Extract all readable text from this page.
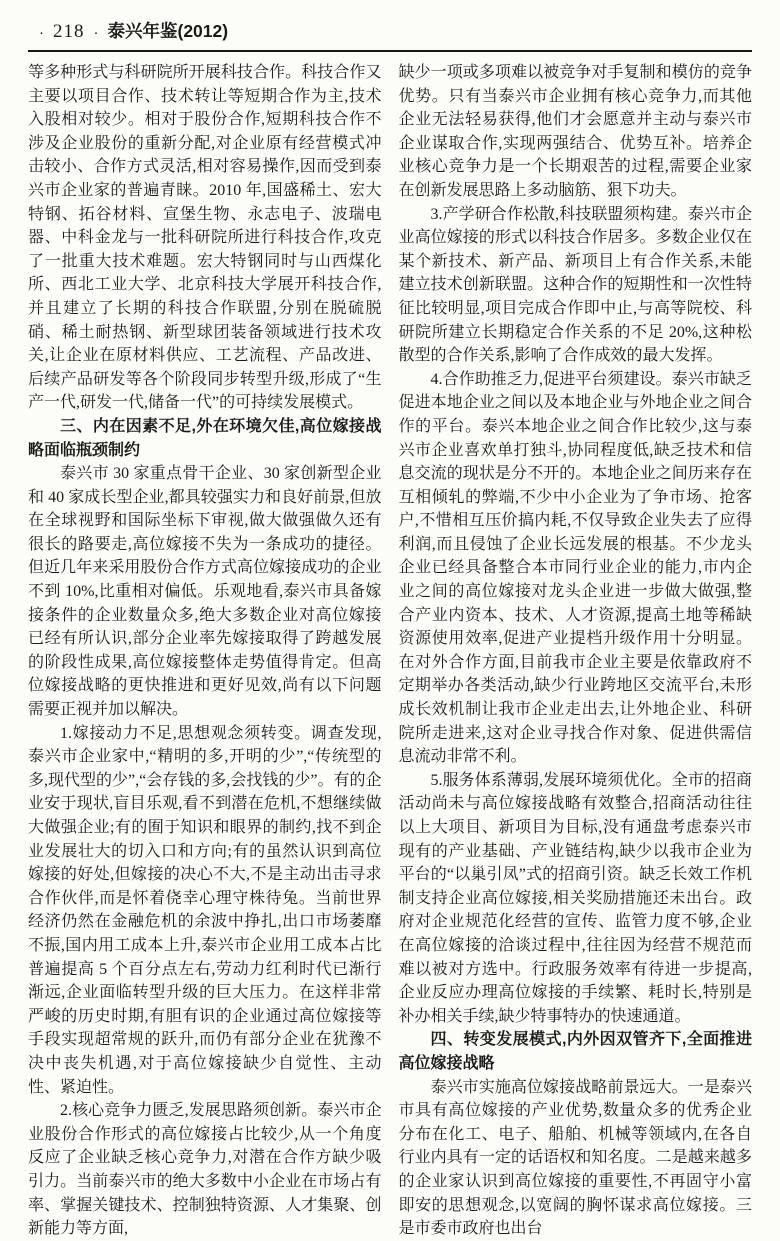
· 218 · 泰兴年鉴(2012)

等多种形式与科研院所开展科技合作。科技合作又主要以项目合作、技术转让等短期合作为主,技术入股相对较少。相对于股份合作,短期科技合作不涉及企业股份的重新分配,对企业原有经营模式冲击较小、合作方式灵活,相对容易操作,因而受到泰兴市企业家的普遍青睐。2010 年,国盛稀土、宏大特钢、拓谷材料、宣堡生物、永志电子、波瑞电器、中科金龙与一批科研院所进行科技合作,攻克了一批重大技术难题。宏大特钢同时与山西煤化所、西北工业大学、北京科技大学展开科技合作,并且建立了长期的科技合作联盟,分别在脱硫脱硝、稀土耐热钢、新型球团装备领域进行技术攻关,让企业在原材料供应、工艺流程、产品改进、后续产品研发等各个阶段同步转型升级,形成了“生产一代,研发一代,储备一代”的可持续发展模式。

三、内在因素不足,外在环境欠佳,高位嫁接战略面临瓶颈制约

泰兴市 30 家重点骨干企业、30 家创新型企业和 40 家成长型企业,都具较强实力和良好前景,但放在全球视野和国际坐标下审视,做大做强做久还有很长的路要走,高位嫁接不失为一条成功的捷径。但近几年来采用股份合作方式高位嫁接成功的企业不到 10%,比重相对偏低。乐观地看,泰兴市具备嫁接条件的企业数量众多,绝大多数企业对高位嫁接已经有所认识,部分企业率先嫁接取得了跨越发展的阶段性成果,高位嫁接整体走势值得肯定。但高位嫁接战略的更快推进和更好见效,尚有以下问题需要正视并加以解决。

1.嫁接动力不足,思想观念须转变。调查发现,泰兴市企业家中,“精明的多,开明的少”,“传统型的多,现代型的少”,“会存钱的多,会找钱的少”。有的企业安于现状,盲目乐观,看不到潜在危机,不想继续做大做强企业;有的囿于知识和眼界的制约,找不到企业发展壮大的切入口和方向;有的虽然认识到高位嫁接的好处,但嫁接的决心不大,不是主动出击寻求合作伙伴,而是怀着侥幸心理守株待兔。当前世界经济仍然在金融危机的余波中挣扎,出口市场萎靡不振,国内用工成本上升,泰兴市企业用工成本占比普遍提高 5 个百分点左右,劳动力红利时代已渐行渐远,企业面临转型升级的巨大压力。在这样非常严峻的历史时期,有胆有识的企业通过高位嫁接等手段实现超常规的跃升,而仍有部分企业在犹豫不决中丧失机遇,对于高位嫁接缺少自觉性、主动性、紧迫性。

2.核心竞争力匮乏,发展思路须创新。泰兴市企业股份合作形式的高位嫁接占比较少,从一个角度反应了企业缺乏核心竞争力,对潜在合作方缺少吸引力。当前泰兴市的绝大多数中小企业在市场占有率、掌握关键技术、控制独特资源、人才集聚、创新能力等方面,

缺少一项或多项难以被竞争对手复制和模仿的竞争优势。只有当泰兴市企业拥有核心竞争力,而其他企业无法轻易获得,他们才会愿意并主动与泰兴市企业谋取合作,实现两强结合、优势互补。培养企业核心竞争力是一个长期艰苦的过程,需要企业家在创新发展思路上多动脑筋、狠下功夫。

3.产学研合作松散,科技联盟须构建。泰兴市企业高位嫁接的形式以科技合作居多。多数企业仅在某个新技术、新产品、新项目上有合作关系,未能建立技术创新联盟。这种合作的短期性和一次性特征比较明显,项目完成合作即中止,与高等院校、科研院所建立长期稳定合作关系的不足 20%,这种松散型的合作关系,影响了合作成效的最大发挥。

4.合作助推乏力,促进平台须建设。泰兴市缺乏促进本地企业之间以及本地企业与外地企业之间合作的平台。泰兴本地企业之间合作比较少,这与泰兴市企业喜欢单打独斗,协同程度低,缺乏技术和信息交流的现状是分不开的。本地企业之间历来存在互相倾轧的弊端,不少中小企业为了争市场、抢客户,不惜相互压价搞内耗,不仅导致企业失去了应得利润,而且侵蚀了企业长远发展的根基。不少龙头企业已经具备整合本市同行业企业的能力,市内企业之间的高位嫁接对龙头企业进一步做大做强,整合产业内资本、技术、人才资源,提高土地等稀缺资源使用效率,促进产业提档升级作用十分明显。在对外合作方面,目前我市企业主要是依靠政府不定期举办各类活动,缺少行业跨地区交流平台,未形成长效机制让我市企业走出去,让外地企业、科研院所走进来,这对企业寻找合作对象、促进供需信息流动非常不利。

5.服务体系薄弱,发展环境须优化。全市的招商活动尚未与高位嫁接战略有效整合,招商活动往往以上大项目、新项目为目标,没有通盘考虑泰兴市现有的产业基础、产业链结构,缺少以我市企业为平台的“以巢引凤”式的招商引资。缺乏长效工作机制支持企业高位嫁接,相关奖励措施还未出台。政府对企业规范化经营的宣传、监管力度不够,企业在高位嫁接的洽谈过程中,往往因为经营不规范而难以被对方选中。行政服务效率有待进一步提高,企业反应办理高位嫁接的手续繁、耗时长,特别是补办相关手续,缺少特事特办的快速通道。

四、转变发展模式,内外因双管齐下,全面推进高位嫁接战略

泰兴市实施高位嫁接战略前景远大。一是泰兴市具有高位嫁接的产业优势,数量众多的优秀企业分布在化工、电子、船舶、机械等领域内,在各自行业内具有一定的话语权和知名度。二是越来越多的企业家认识到高位嫁接的重要性,不再固守小富即安的思想观念,以宽阔的胸怀谋求高位嫁接。三是市委市政府也出台
